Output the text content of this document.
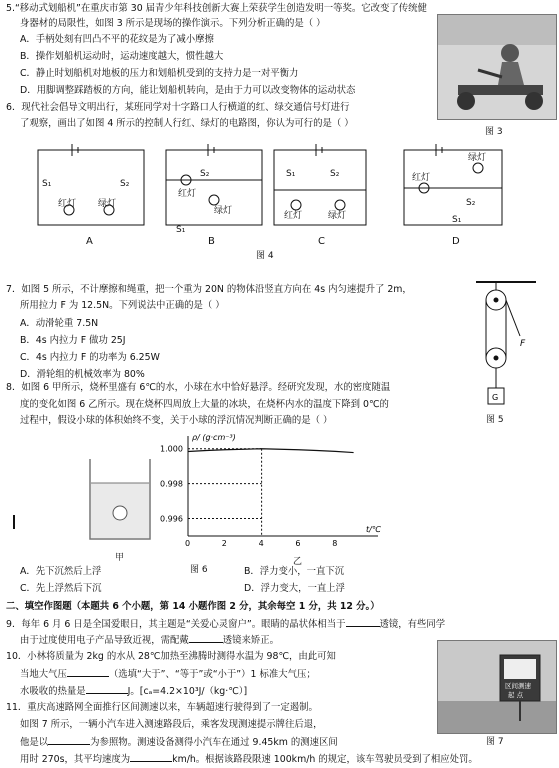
5.“移动式划船机”在重庆市第 30 届青少年科技创新大赛上荣获学生创造发明一等奖。它改变了传统健
身器材的局限性，如图 3 所示是现场的操作演示。下列分析正确的是（ ）
A．手柄处刻有凹凸不平的花纹是为了减小摩擦
B．操作划船机运动时，运动速度越大，惯性越大
C．静止时划船机对地板的压力和划船机受到的支持力是一对平衡力
D．用脚调整踩踏板的方向，能让划船机转向，是由于力可以改变物体的运动状态
图 3
6．现代社会倡导文明出行，某班同学对十字路口人行横道的红、绿交通信号灯进行
了观察，画出了如图 4 所示的控制人行红、绿灯的电路图，你认为可行的是（ ）
S₁	S₂
红灯 绿灯
S₂
红灯
绿灯
S₁
S₁	S₂
红灯	绿灯
绿灯
红灯
S₂
S₁
A	B	C	D
图 4
7．如图 5 所示，不计摩擦和绳重，把一个重为 20N 的物体沿竖直方向在 4s 内匀速提升了 2m，
所用拉力 F 为 12.5N。下列说法中正确的是（ ）
A．动滑轮重 7.5N
B．4s 内拉力 F 做功 25J
C．4s 内拉力 F 的功率为 6.25W
D．滑轮组的机械效率为 80%
F
G
图 5
8．如图 6 甲所示，烧杯里盛有 6℃的水，小球在水中恰好悬浮。经研究发现，水的密度随温
度的变化如图 6 乙所示。现在烧杯四周放上大量的冰块，在烧杯内水的温度下降到 0℃的
过程中，假设小球的体积始终不变，关于小球的浮沉情况判断正确的是（ ）
甲
图 6
乙
0	2	4	6	8
1.000
0.998
0.996
t/℃
ρ/ (g·cm⁻³)
A．先下沉然后上浮	B．浮力变小，一直下沉
C．先上浮然后下沉	D．浮力变大，一直上浮
二、填空作图题（本题共 6 个小题，第 14 小题作图 2 分，其余每空 1 分，共 12 分。）
9．每年 6 月 6 日是全国爱眼日，其主题是“关爱心灵窗户”。眼睛的晶状体相当于	透镜，有些同学
由于过度使用电子产品导致近视，需配戴	透镜来矫正。
10．小林将质量为 2kg 的水从 28℃加热至沸腾时测得水温为 98℃，由此可知
当地大气压	（选填“大于”、“等于”或“小于”）1 标准大气压；
水吸收的热量是	J。[cₐ=4.2×10³J/（kg·℃）]
11．重庆高速路网全面推行区间测速以来，车辆超速行驶得到了一定遏制。
如图 7 所示，一辆小汽车进入测速路段后，乘客发现测速提示牌往后退，
他是以	为参照物。测速设备测得小汽车在通过 9.45km 的测速区间
用时 270s，其平均速度为	km/h。根据该路段限速 100km/h 的规定，该车驾驶员受到了相应处罚。
区间测速
起 点
图 7
